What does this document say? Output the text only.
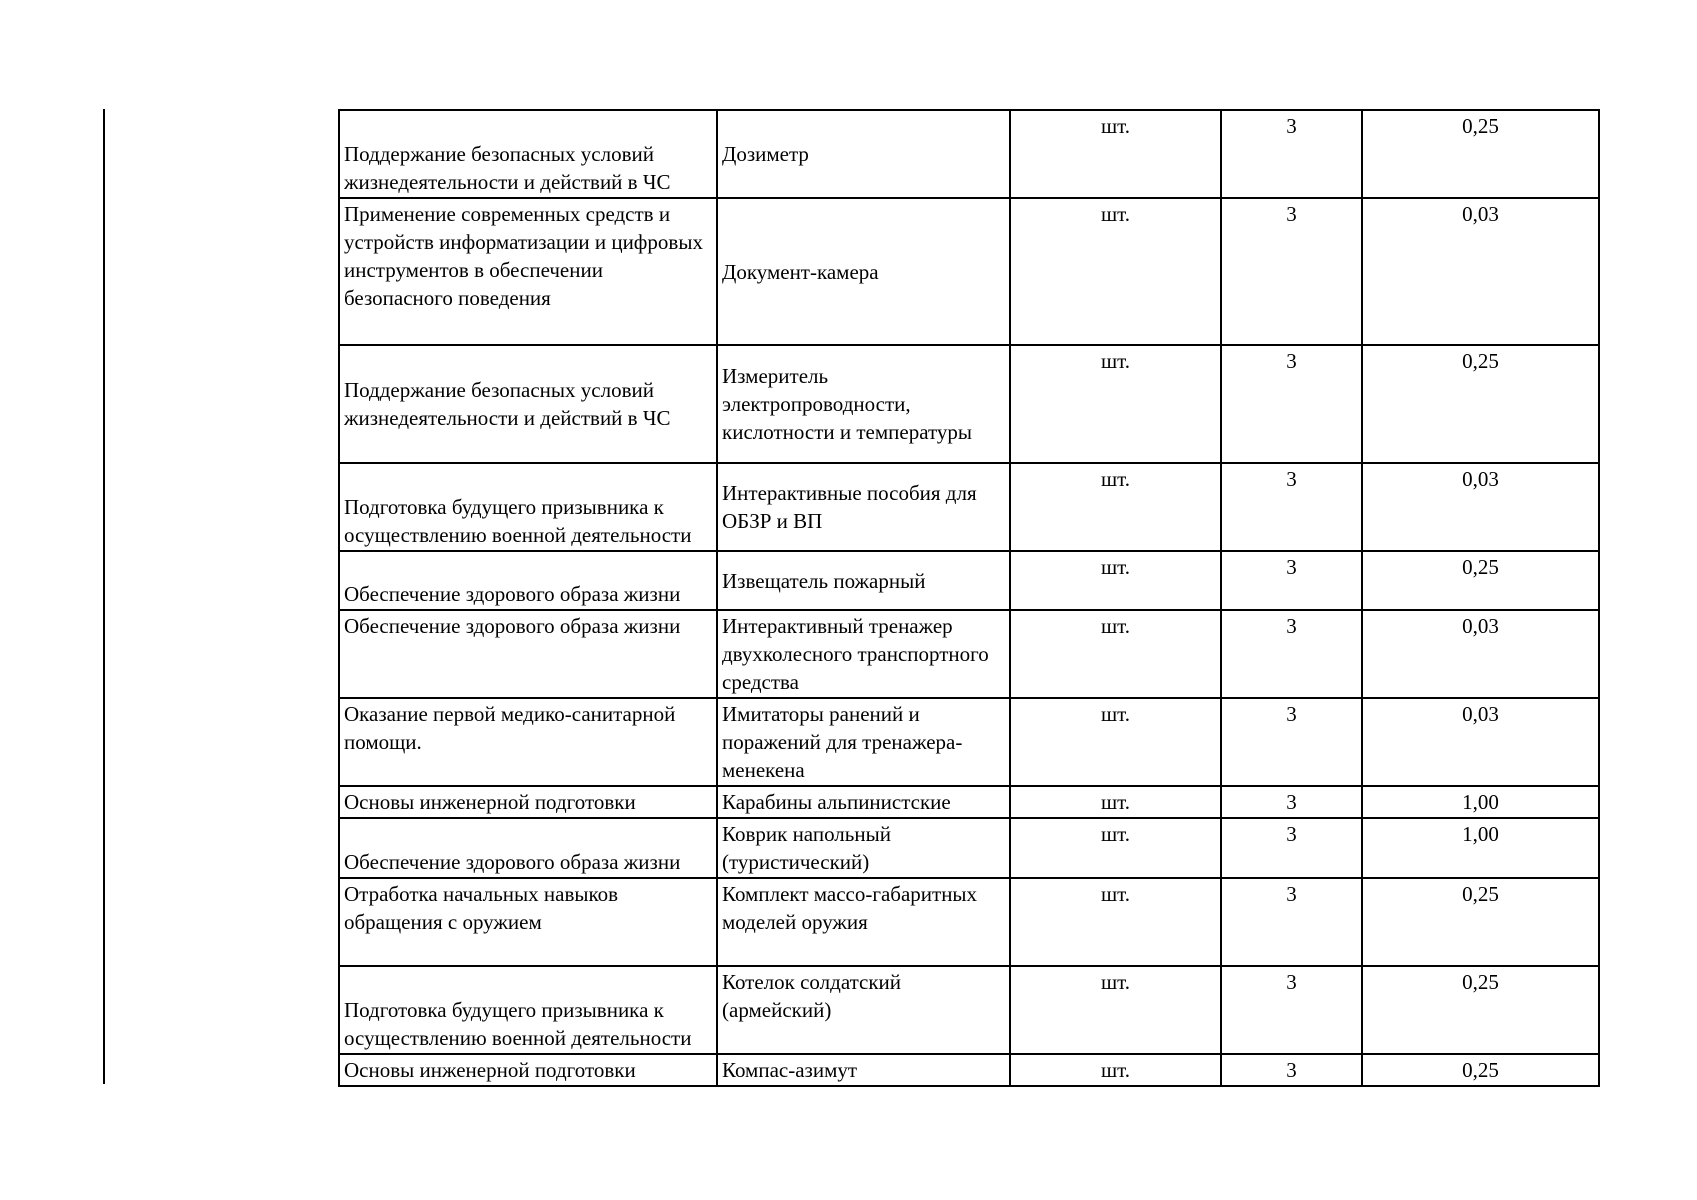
Поддержание безопасных условий жизнедеятельности и действий в ЧС	Дозиметр	шт.	3	0,25

Применение современных средств и устройств информатизации и цифровых инструментов в обеспечении безопасного поведения	Документ-камера	шт.	3	0,03

Поддержание безопасных условий жизнедеятельности и действий в ЧС	Измеритель электропроводности, кислотности и температуры	шт.	3	0,25

Подготовка будущего призывника к осуществлению военной деятельности	Интерактивные пособия для ОБЗР и ВП	шт.	3	0,03

Обеспечение здорового образа жизни	Извещатель пожарный	шт.	3	0,25

Обеспечение здорового образа жизни	Интерактивный тренажер двухколесного транспортного средства	шт.	3	0,03

Оказание первой медико-санитарной помощи.	Имитаторы ранений и поражений для тренажера-менекена	шт.	3	0,03

Основы инженерной подготовки	Карабины альпинистские	шт.	3	1,00

Обеспечение здорового образа жизни	Коврик напольный (туристический)	шт.	3	1,00

Отработка начальных навыков обращения с оружием	Комплект массо-габаритных моделей оружия	шт.	3	0,25

Подготовка будущего призывника к осуществлению военной деятельности	Котелок солдатский (армейский)	шт.	3	0,25

Основы инженерной подготовки	Компас-азимут	шт.	3	0,25
